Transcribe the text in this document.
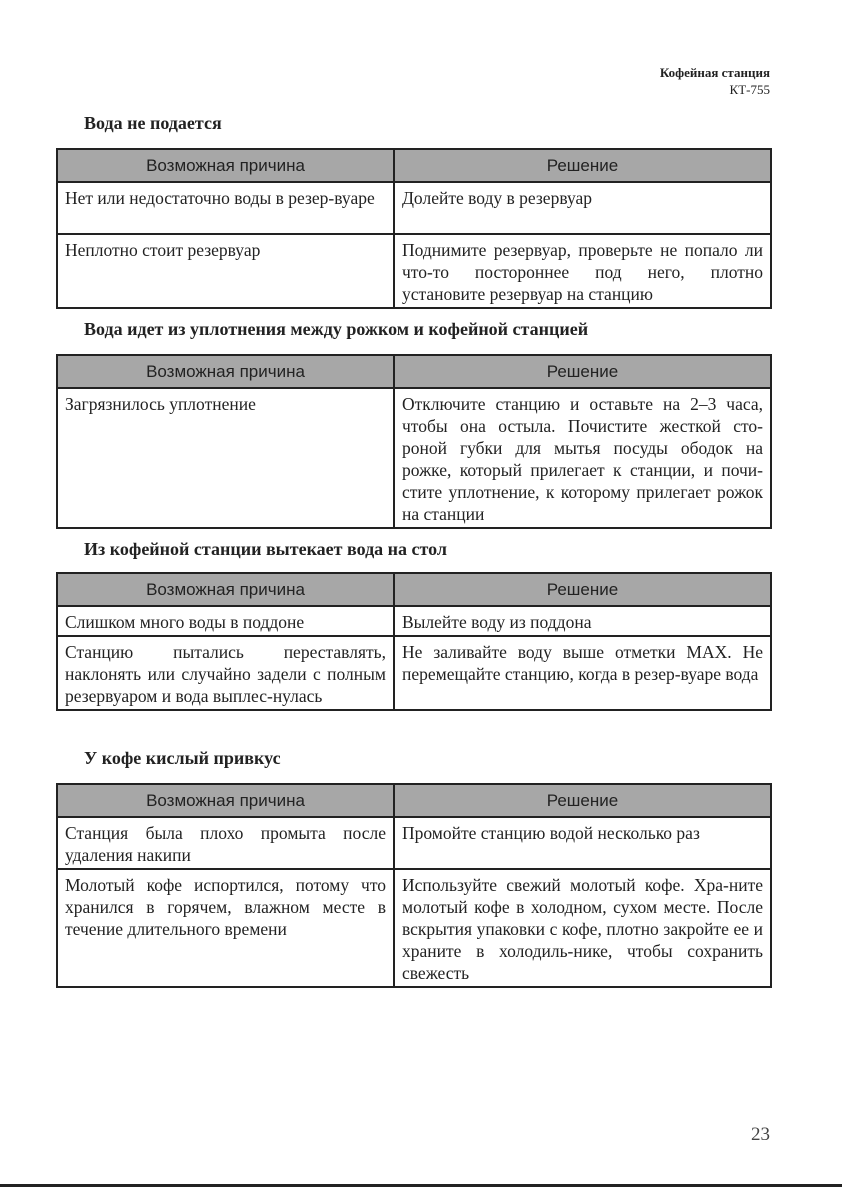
Кофейная станция
КТ-755
Вода не подается
Возможная причина	Решение
Нет или недостаточно воды в резер-вуаре	Долейте воду в резервуар
Неплотно стоит резервуар	Поднимите резервуар, проверьте не попало ли что-то постороннее под него, плотно установите резервуар на станцию
Вода идет из уплотнения между рожком и кофейной станцией
Возможная причина	Решение
Загрязнилось уплотнение	Отключите станцию и оставьте на 2–3 часа, чтобы она остыла. Почистите жесткой сто-роной губки для мытья посуды ободок на рожке, который прилегает к станции, и почи-стите уплотнение, к которому прилегает рожок на станции
Из кофейной станции вытекает вода на стол
Возможная причина	Решение
Слишком много воды в поддоне	Вылейте воду из поддона
Станцию пытались переставлять, наклонять или случайно задели с полным резервуаром и вода выплес-нулась	Не заливайте воду выше отметки MAX. Не перемещайте станцию, когда в резер-вуаре вода
У кофе кислый привкус
Возможная причина	Решение
Станция была плохо промыта после удаления накипи	Промойте станцию водой несколько раз
Молотый кофе испортился, потому что хранился в горячем, влажном месте в течение длительного времени	Используйте свежий молотый кофе. Хра-ните молотый кофе в холодном, сухом месте. После вскрытия упаковки с кофе, плотно закройте ее и храните в холодиль-нике, чтобы сохранить свежесть
23
